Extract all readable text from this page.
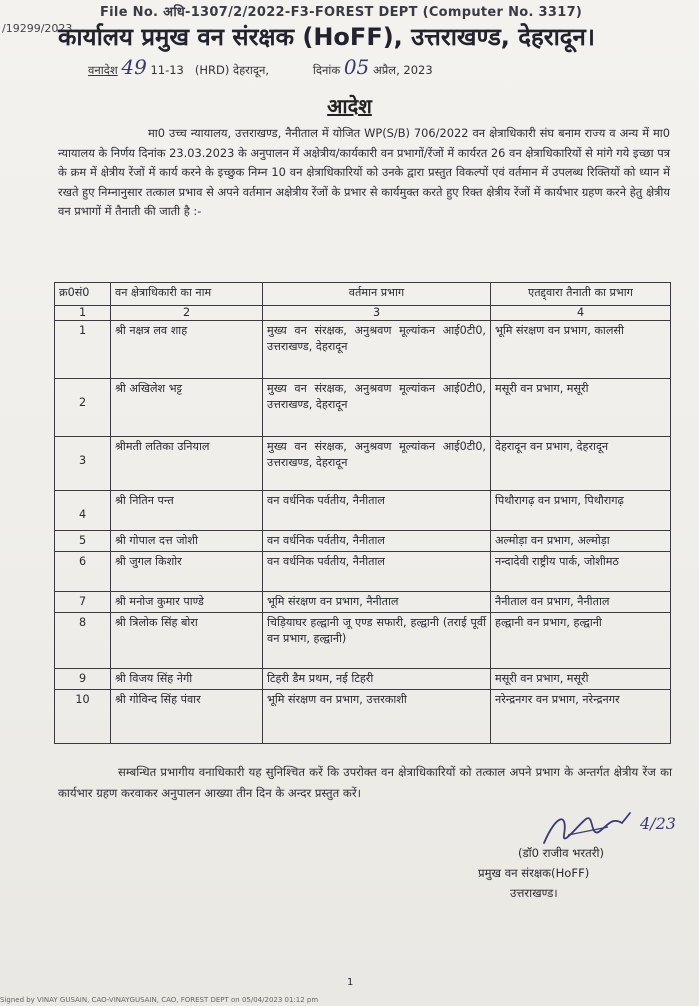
/19299/2023
File No. अधि-1307/2/2022-F3-FOREST DEPT (Computer No. 3317)
कार्यालय प्रमुख वन संरक्षक (HoFF), उत्तराखण्ड, देहरादून।
वनादेश 49 11-13 (HRD) देहरादून,	दिनांक 05 अप्रैल, 2023
आदेश
मा0 उच्च न्यायालय, उत्तराखण्ड, नैनीताल में योजित WP(S/B) 706/2022 वन क्षेत्राधिकारी संघ बनाम राज्य व अन्य में मा0 न्यायालय के निर्णय दिनांक 23.03.2023 के अनुपालन में अक्षेत्रीय/कार्यकारी वन प्रभागों/रेंजों में कार्यरत 26 वन क्षेत्राधिकारियों से मांगे गये इच्छा पत्र के क्रम में क्षेत्रीय रेंजों में कार्य करने के इच्छुक निम्न 10 वन क्षेत्राधिकारियों को उनके द्वारा प्रस्तुत विकल्पों एवं वर्तमान में उपलब्ध रिक्तियों को ध्यान में रखते हुए निम्नानुसार तत्काल प्रभाव से अपने वर्तमान अक्षेत्रीय रेंजों के प्रभार से कार्यमुक्त करते हुए रिक्त क्षेत्रीय रेंजों में कार्यभार ग्रहण करने हेतु क्षेत्रीय वन प्रभागों में तैनाती की जाती है :-
क्र0सं0	वन क्षेत्राधिकारी का नाम	वर्तमान प्रभाग	एतद्द्वारा तैनाती का प्रभाग
1	2	3	4
1	श्री नक्षत्र लव शाह	मुख्य वन संरक्षक, अनुश्रवण मूल्यांकन आई0टी0, उत्तराखण्ड, देहरादून	भूमि संरक्षण वन प्रभाग, कालसी

2	श्री अखिलेश भट्ट	मुख्य वन संरक्षक, अनुश्रवण मूल्यांकन आई0टी0, उत्तराखण्ड, देहरादून	मसूरी वन प्रभाग, मसूरी

3	श्रीमती लतिका उनियाल	मुख्य वन संरक्षक, अनुश्रवण मूल्यांकन आई0टी0, उत्तराखण्ड, देहरादून	देहरादून वन प्रभाग, देहरादून

4	श्री नितिन पन्त	वन वर्धनिक पर्वतीय, नैनीताल	पिथौरागढ़ वन प्रभाग, पिथौरागढ़
5	श्री गोपाल दत्त जोशी	वन वर्धनिक पर्वतीय, नैनीताल	अल्मोड़ा वन प्रभाग, अल्मोड़ा
6	श्री जुगल किशोर	वन वर्धनिक पर्वतीय, नैनीताल	नन्दादेवी राष्ट्रीय पार्क, जोशीमठ
7	श्री मनोज कुमार पाण्डे	भूमि संरक्षण वन प्रभाग, नैनीताल	नैनीताल वन प्रभाग, नैनीताल
8	श्री त्रिलोक सिंह बोरा	चिड़ियाघर हल्द्वानी जू एण्ड सफारी, हल्द्वानी (तराई पूर्वी वन प्रभाग, हल्द्वानी)	हल्द्वानी वन प्रभाग, हल्द्वानी
9	श्री विजय सिंह नेगी	टिहरी डैम प्रथम, नई टिहरी	मसूरी वन प्रभाग, मसूरी
10	श्री गोविन्द सिंह पंवार	भूमि संरक्षण वन प्रभाग, उत्तरकाशी	नरेन्द्रनगर वन प्रभाग, नरेन्द्रनगर
सम्बन्धित प्रभागीय वनाधिकारी यह सुनिश्चित करें कि उपरोक्त वन क्षेत्राधिकारियों को तत्काल अपने प्रभाग के अन्तर्गत क्षेत्रीय रेंज का कार्यभार ग्रहण करवाकर अनुपालन आख्या तीन दिन के अन्दर प्रस्तुत करें।
4/23
(डॉ0 राजीव भरतरी)
प्रमुख वन संरक्षक(HoFF)
उत्तराखण्ड।
1
Signed by VINAY GUSAIN, CAO-VINAYGUSAIN, CAO, FOREST DEPT on 05/04/2023 01:12 pm
